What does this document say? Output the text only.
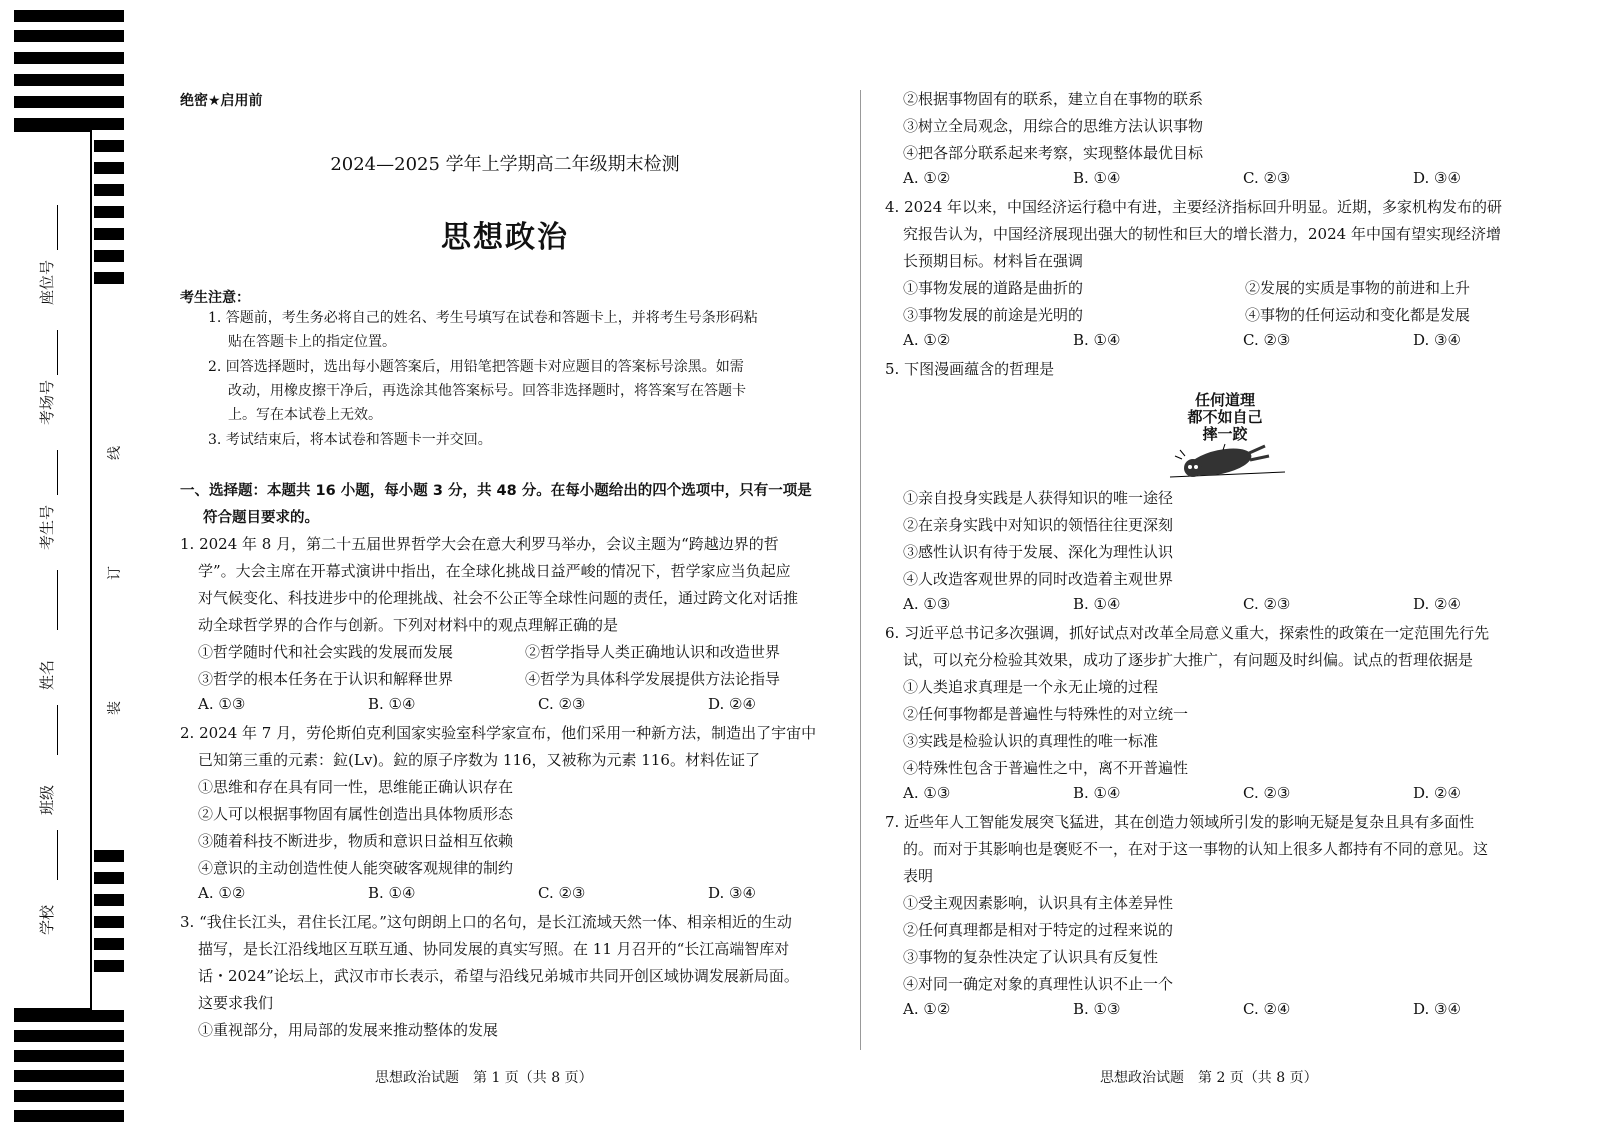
座位号
考场号
考生号
姓名
班级
学校
线
订
装
绝密★启用前
2024—2025 学年上学期高二年级期末检测
思想政治
考生注意：
1. 答题前，考生务必将自己的姓名、考生号填写在试卷和答题卡上，并将考生号条形码粘
贴在答题卡上的指定位置。
2. 回答选择题时，选出每小题答案后，用铅笔把答题卡对应题目的答案标号涂黑。如需
改动，用橡皮擦干净后，再选涂其他答案标号。回答非选择题时，将答案写在答题卡
上。写在本试卷上无效。
3. 考试结束后，将本试卷和答题卡一并交回。
一、选择题：本题共 16 小题，每小题 3 分，共 48 分。在每小题给出的四个选项中，只有一项是
符合题目要求的。
1. 2024 年 8 月，第二十五届世界哲学大会在意大利罗马举办，会议主题为“跨越边界的哲
学”。大会主席在开幕式演讲中指出，在全球化挑战日益严峻的情况下，哲学家应当负起应
对气候变化、科技进步中的伦理挑战、社会不公正等全球性问题的责任，通过跨文化对话推
动全球哲学界的合作与创新。下列对材料中的观点理解正确的是
①哲学随时代和社会实践的发展而发展	②哲学指导人类正确地认识和改造世界
③哲学的根本任务在于认识和解释世界	④哲学为具体科学发展提供方法论指导
A. ①③	B. ①④	C. ②③	D. ②④
2. 2024 年 7 月，劳伦斯伯克利国家实验室科学家宣布，他们采用一种新方法，制造出了宇宙中
已知第三重的元素：鉝(Lv)。鉝的原子序数为 116，又被称为元素 116。材料佐证了
①思维和存在具有同一性，思维能正确认识存在
②人可以根据事物固有属性创造出具体物质形态
③随着科技不断进步，物质和意识日益相互依赖
④意识的主动创造性使人能突破客观规律的制约
A. ①②	B. ①④	C. ②③	D. ③④
3. “我住长江头，君住长江尾。”这句朗朗上口的名句，是长江流域天然一体、相亲相近的生动
描写，是长江沿线地区互联互通、协同发展的真实写照。在 11 月召开的“长江高端智库对
话・2024”论坛上，武汉市市长表示，希望与沿线兄弟城市共同开创区域协调发展新局面。
这要求我们
①重视部分，用局部的发展来推动整体的发展
思想政治试题　第 1 页（共 8 页）
②根据事物固有的联系，建立自在事物的联系
③树立全局观念，用综合的思维方法认识事物
④把各部分联系起来考察，实现整体最优目标
A. ①②	B. ①④	C. ②③	D. ③④
4. 2024 年以来，中国经济运行稳中有进，主要经济指标回升明显。近期，多家机构发布的研
究报告认为，中国经济展现出强大的韧性和巨大的增长潜力，2024 年中国有望实现经济增
长预期目标。材料旨在强调
①事物发展的道路是曲折的	②发展的实质是事物的前进和上升
③事物发展的前途是光明的	④事物的任何运动和变化都是发展
A. ①②	B. ①④	C. ②③	D. ③④
5. 下图漫画蕴含的哲理是
①亲自投身实践是人获得知识的唯一途径
②在亲身实践中对知识的领悟往往更深刻
③感性认识有待于发展、深化为理性认识
④人改造客观世界的同时改造着主观世界
A. ①③	B. ①④	C. ②③	D. ②④
6. 习近平总书记多次强调，抓好试点对改革全局意义重大，探索性的政策在一定范围先行先
试，可以充分检验其效果，成功了逐步扩大推广，有问题及时纠偏。试点的哲理依据是
①人类追求真理是一个永无止境的过程
②任何事物都是普遍性与特殊性的对立统一
③实践是检验认识的真理性的唯一标准
④特殊性包含于普遍性之中，离不开普遍性
A. ①③	B. ①④	C. ②③	D. ②④
7. 近些年人工智能发展突飞猛进，其在创造力领域所引发的影响无疑是复杂且具有多面性
的。而对于其影响也是褒贬不一，在对于这一事物的认知上很多人都持有不同的意见。这
表明
①受主观因素影响，认识具有主体差异性
②任何真理都是相对于特定的过程来说的
③事物的复杂性决定了认识具有反复性
④对同一确定对象的真理性认识不止一个
A. ①②	B. ①③	C. ②④	D. ③④
思想政治试题　第 2 页（共 8 页）
任何道理
都不如自己
摔一跤
